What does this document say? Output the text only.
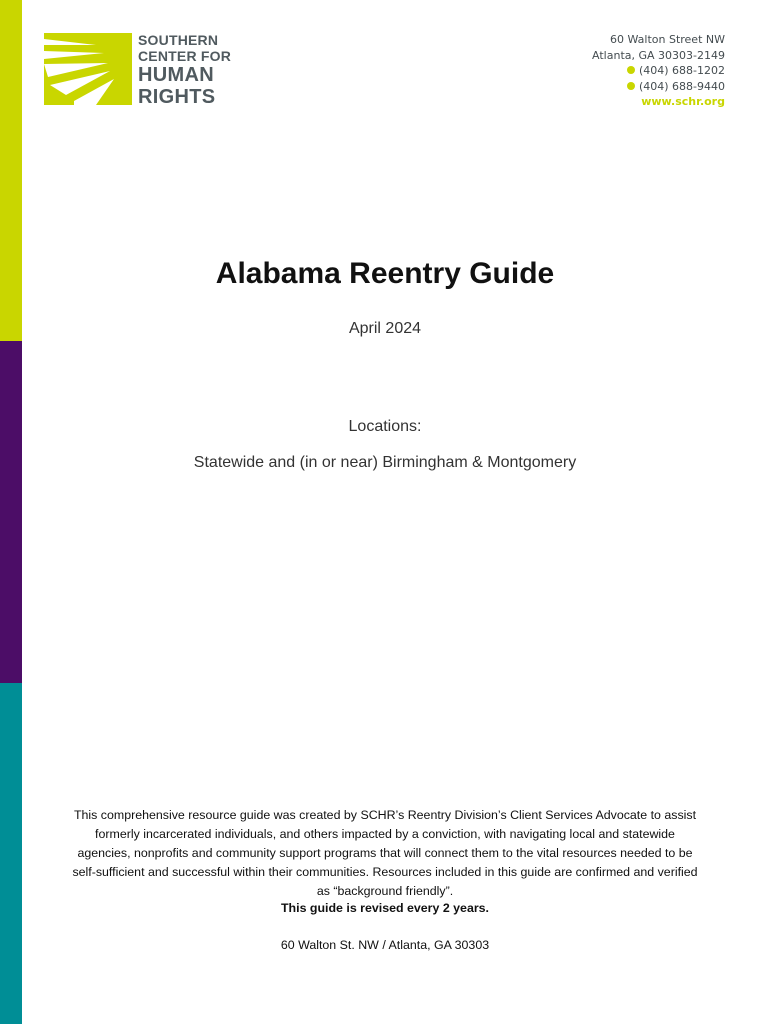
SOUTHERN
CENTER FOR
HUMAN
RIGHTS
60 Walton Street NW
Atlanta, GA 30303-2149
(404) 688-1202
(404) 688-9440
www.schr.org
Alabama Reentry Guide
April 2024
Locations:
Statewide and (in or near) Birmingham & Montgomery
This comprehensive resource guide was created by SCHR’s Reentry Division’s Client Services Advocate to assist formerly incarcerated individuals, and others impacted by a conviction, with navigating local and statewide agencies, nonprofits and community support programs that will connect them to the vital resources needed to be self-sufficient and successful within their communities. Resources included in this guide are confirmed and verified as “background friendly”.
This guide is revised every 2 years.
60 Walton St. NW / Atlanta, GA 30303
